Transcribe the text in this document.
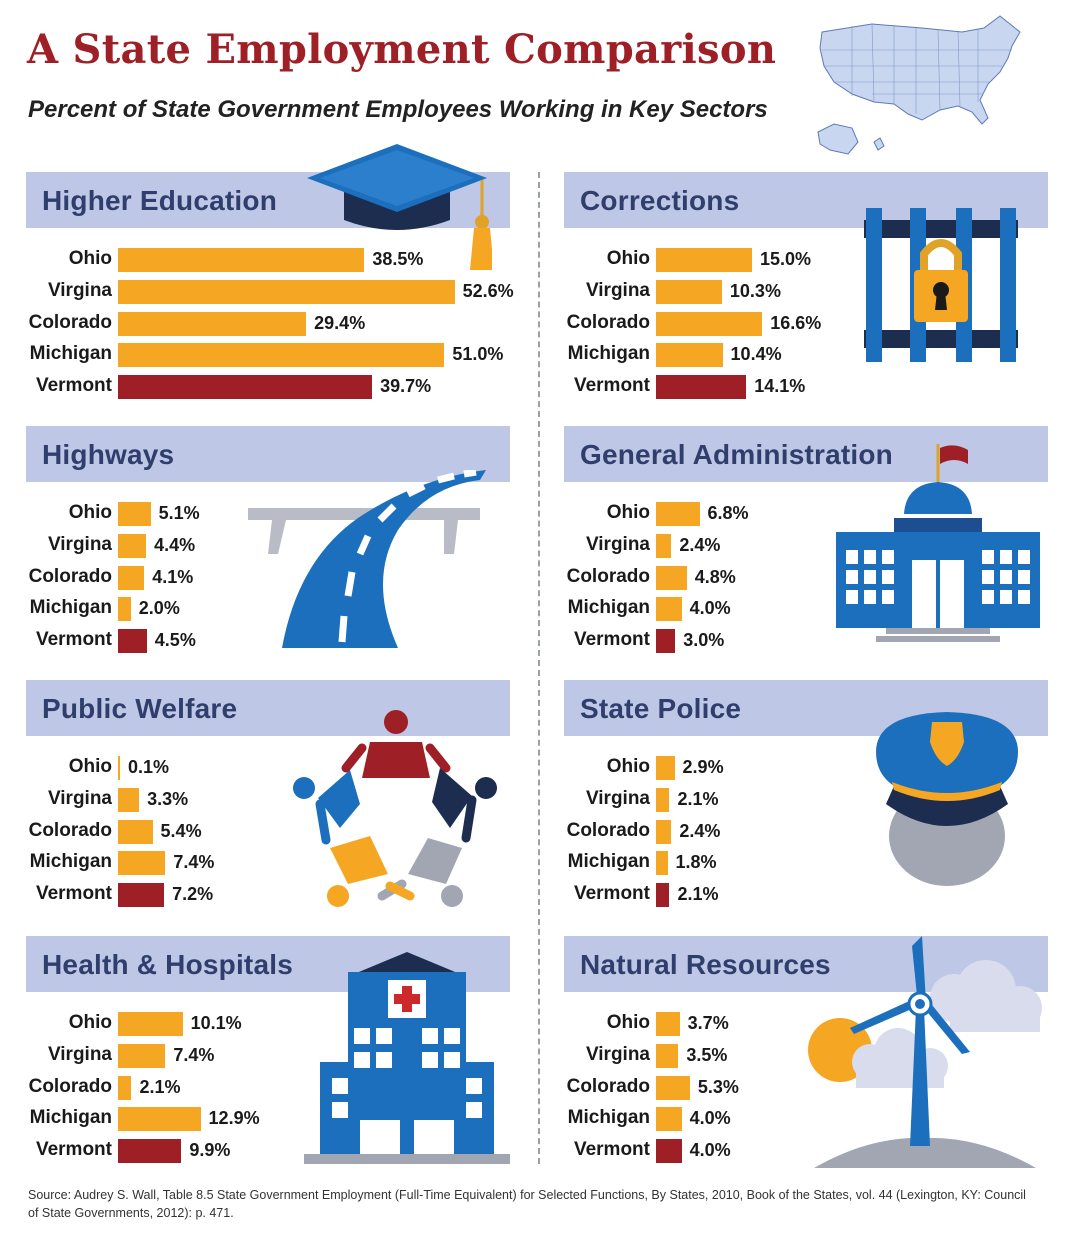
A State Employment Comparison
Percent of State Government Employees Working in Key Sectors
Higher Education
Ohio	38.5%
Virgina	52.6%
Colorado	29.4%
Michigan	51.0%
Vermont	39.7%
Corrections
Ohio	15.0%
Virgina	10.3%
Colorado	16.6%
Michigan	10.4%
Vermont	14.1%
Highways
Ohio	5.1%
Virgina 4.4%
Colorado 4.1%
Michigan 2.0%
Vermont 4.5%
General Administration
Ohio	6.8%
Virgina 2.4%
Colorado 4.8%
Michigan 4.0%
Vermont 3.0%
Public Welfare
Ohio 0.1%
Virgina 3.3%
Colorado	5.4%
Michigan	7.4%
Vermont	7.2%
State Police
Ohio 2.9%
Virgina 2.1%
Colorado 2.4%
Michigan 1.8%
Vermont 2.1%
Health & Hospitals
Ohio	10.1%
Virgina	7.4%
Colorado 2.1%
Michigan	12.9%
Vermont	9.9%
Natural Resources
Ohio 3.7%
Virgina 3.5%
Colorado	5.3%
Michigan 4.0%
Vermont 4.0%
Source: Audrey S. Wall, Table 8.5 State Government Employment (Full-Time Equivalent) for Selected Functions, By States, 2010, Book of the States, vol. 44 (Lexington, KY: Council of State Governments, 2012): p. 471.
